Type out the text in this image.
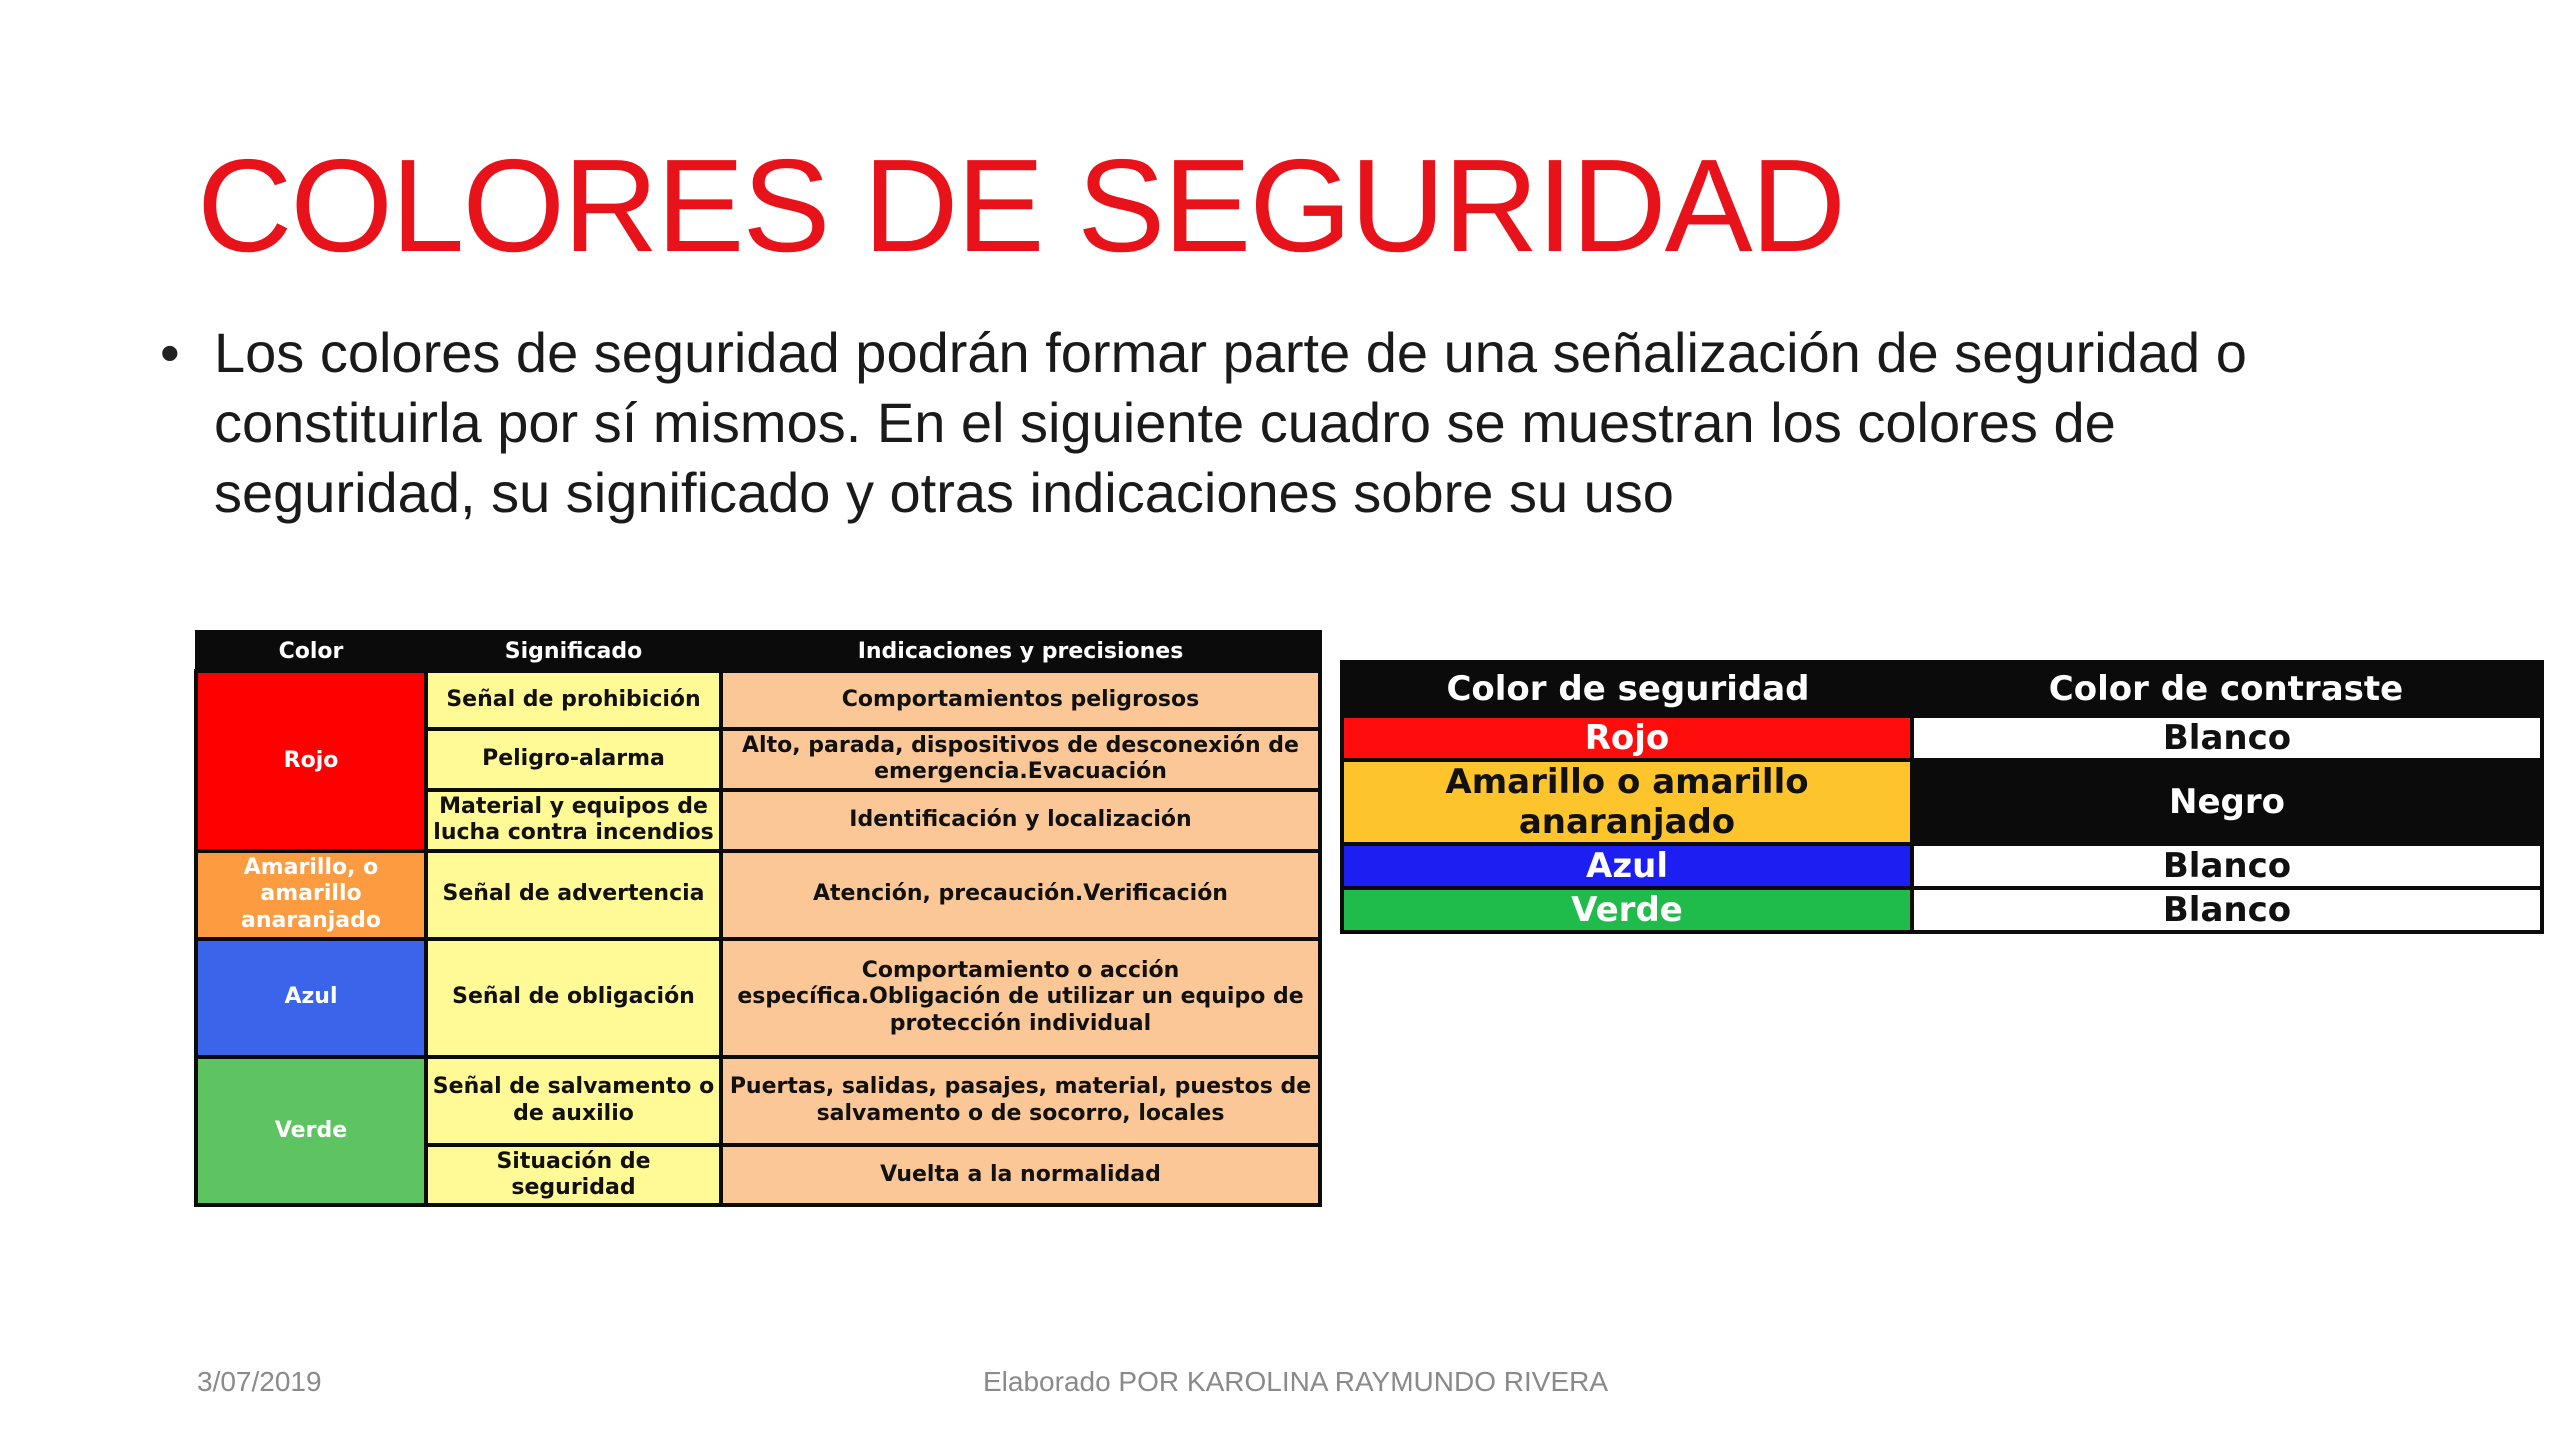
COLORES DE SEGURIDAD
• Los colores de seguridad podrán formar parte de una señalización de seguridad o constituirla por sí mismos. En el siguiente cuadro se muestran los colores de seguridad, su significado y otras indicaciones sobre su uso

Color	Significado	Indicaciones y precisiones
Rojo	Señal de prohibición	Comportamientos peligrosos
	Peligro-alarma	Alto, parada, dispositivos de desconexión de emergencia.Evacuación
	Material y equipos de lucha contra incendios	Identificación y localización
Amarillo, o amarillo anaranjado	Señal de advertencia	Atención, precaución.Verificación
Azul	Señal de obligación	Comportamiento o acción específica.Obligación de utilizar un equipo de protección individual
Verde	Señal de salvamento o de auxilio	Puertas, salidas, pasajes, material, puestos de salvamento o de socorro, locales
	Situación de seguridad	Vuelta a la normalidad
Color de seguridad	Color de contraste
Rojo	Blanco
Amarillo o amarillo anaranjado	Negro
Azul	Blanco
Verde	Blanco
3/07/2019	Elaborado POR KAROLINA RAYMUNDO RIVERA
